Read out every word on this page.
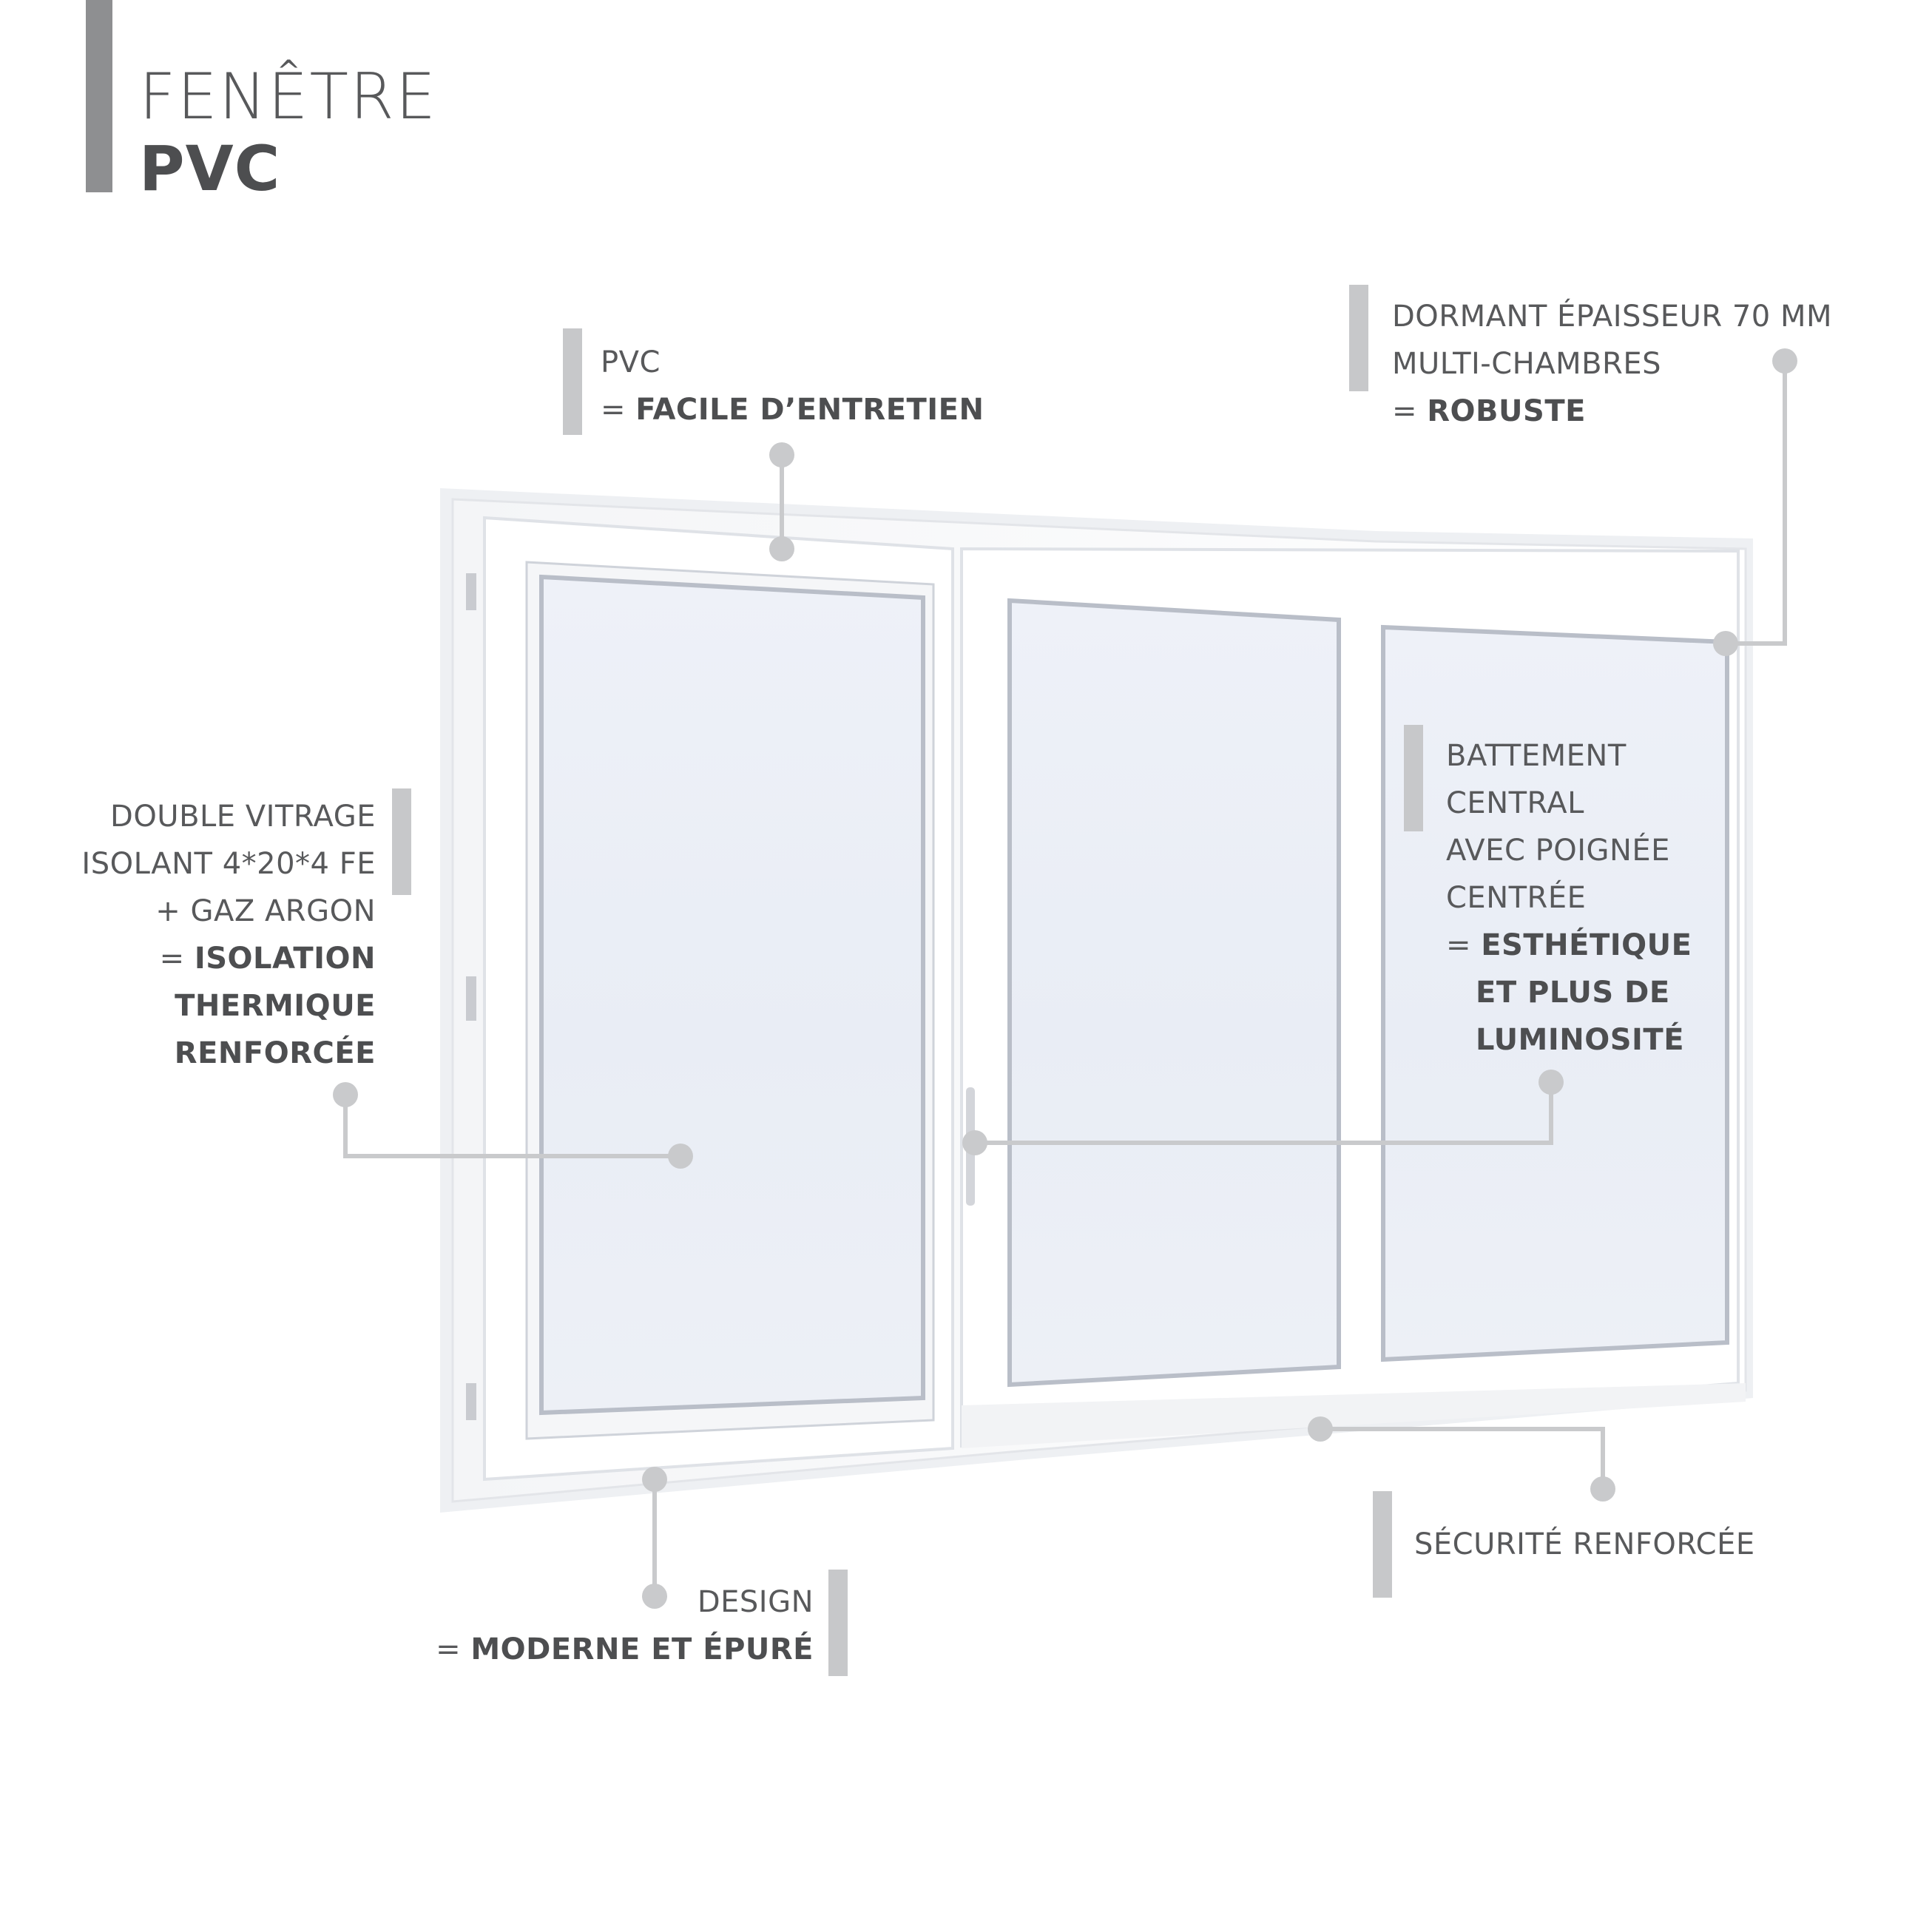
FENÊTRE
PVC
PVC
= FACILE D’ENTRETIEN
DORMANT ÉPAISSEUR 70 MM
MULTI-CHAMBRES
= ROBUSTE
DOUBLE VITRAGE
ISOLANT 4*20*4 FE
+ GAZ ARGON
= ISOLATION
THERMIQUE
RENFORCÉE
BATTEMENT
CENTRAL
AVEC POIGNÉE
CENTRÉE
= ESTHÉTIQUE
ET PLUS DE
LUMINOSITÉ
SÉCURITÉ RENFORCÉE
DESIGN
= MODERNE ET ÉPURÉ
